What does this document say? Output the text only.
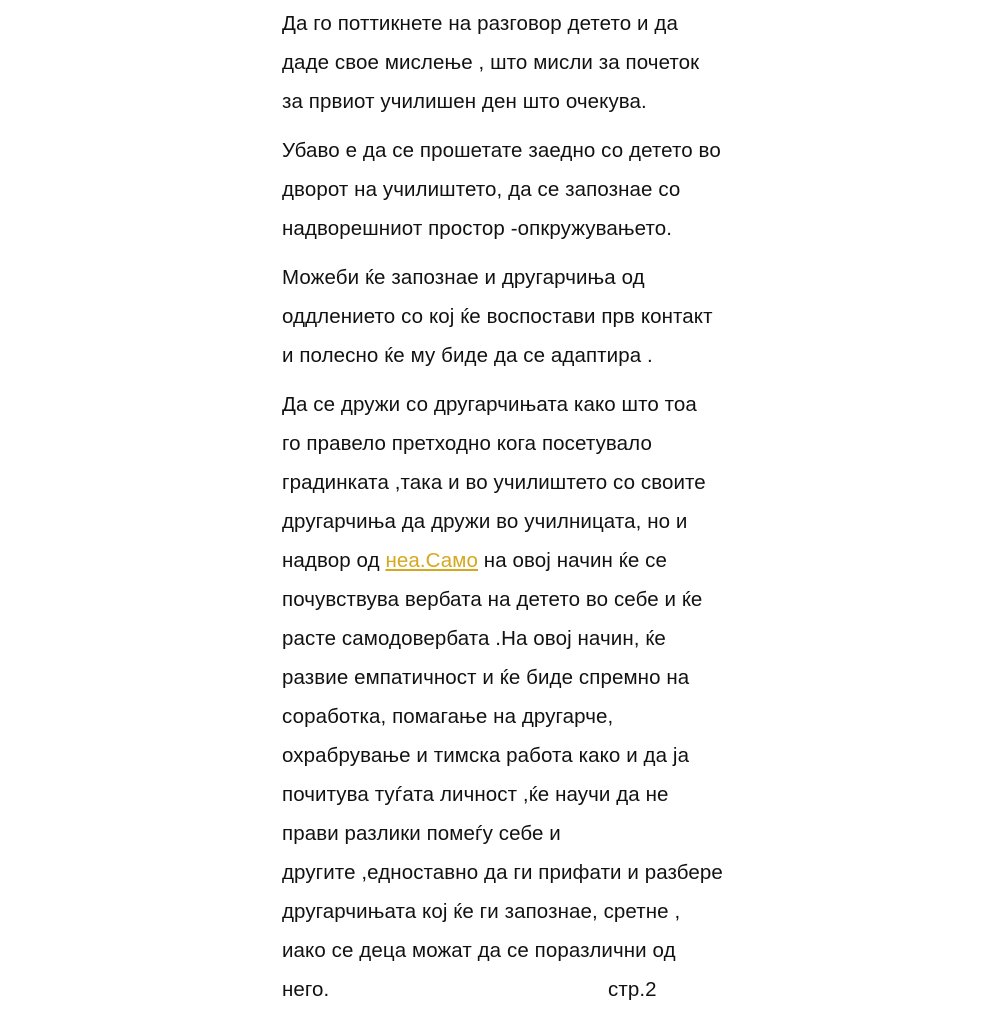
Да го поттикнете на разговор детето и да
даде свое мислење , што мисли за почеток
за првиот училишен ден што очекува.

Убаво е да се прошетате заедно со детето во
дворот на училиштето, да се запознае со
надворешниот простор -опкружувањето.

Можеби ќе запознае и другарчиња од
оддлението со кој ќе воспостави прв контакт
и полесно ќе му биде да се адаптира .

Да се дружи со другарчињата како што тоа
го правело претходно кога посетувало
градинката ,така и во училиштето со своите
другарчиња да дружи во училницата, но и
надвор од неа.Само на овој начин ќе се
почувствува вербата на детето во себе и ќе
расте самодовербата .На овој начин, ќе
развие емпатичност и ќе биде спремно на
соработка, помагање на другарче,
охрабрување и тимска работа како и да ја
почитува туѓата личност ,ќе научи да не
прави разлики помеѓу себе и
другите ,едноставно да ги прифати и разбере
другарчињата кој ќе ги запознае, сретне ,
иако се деца можат да се поразлични од
него.	стр.2
